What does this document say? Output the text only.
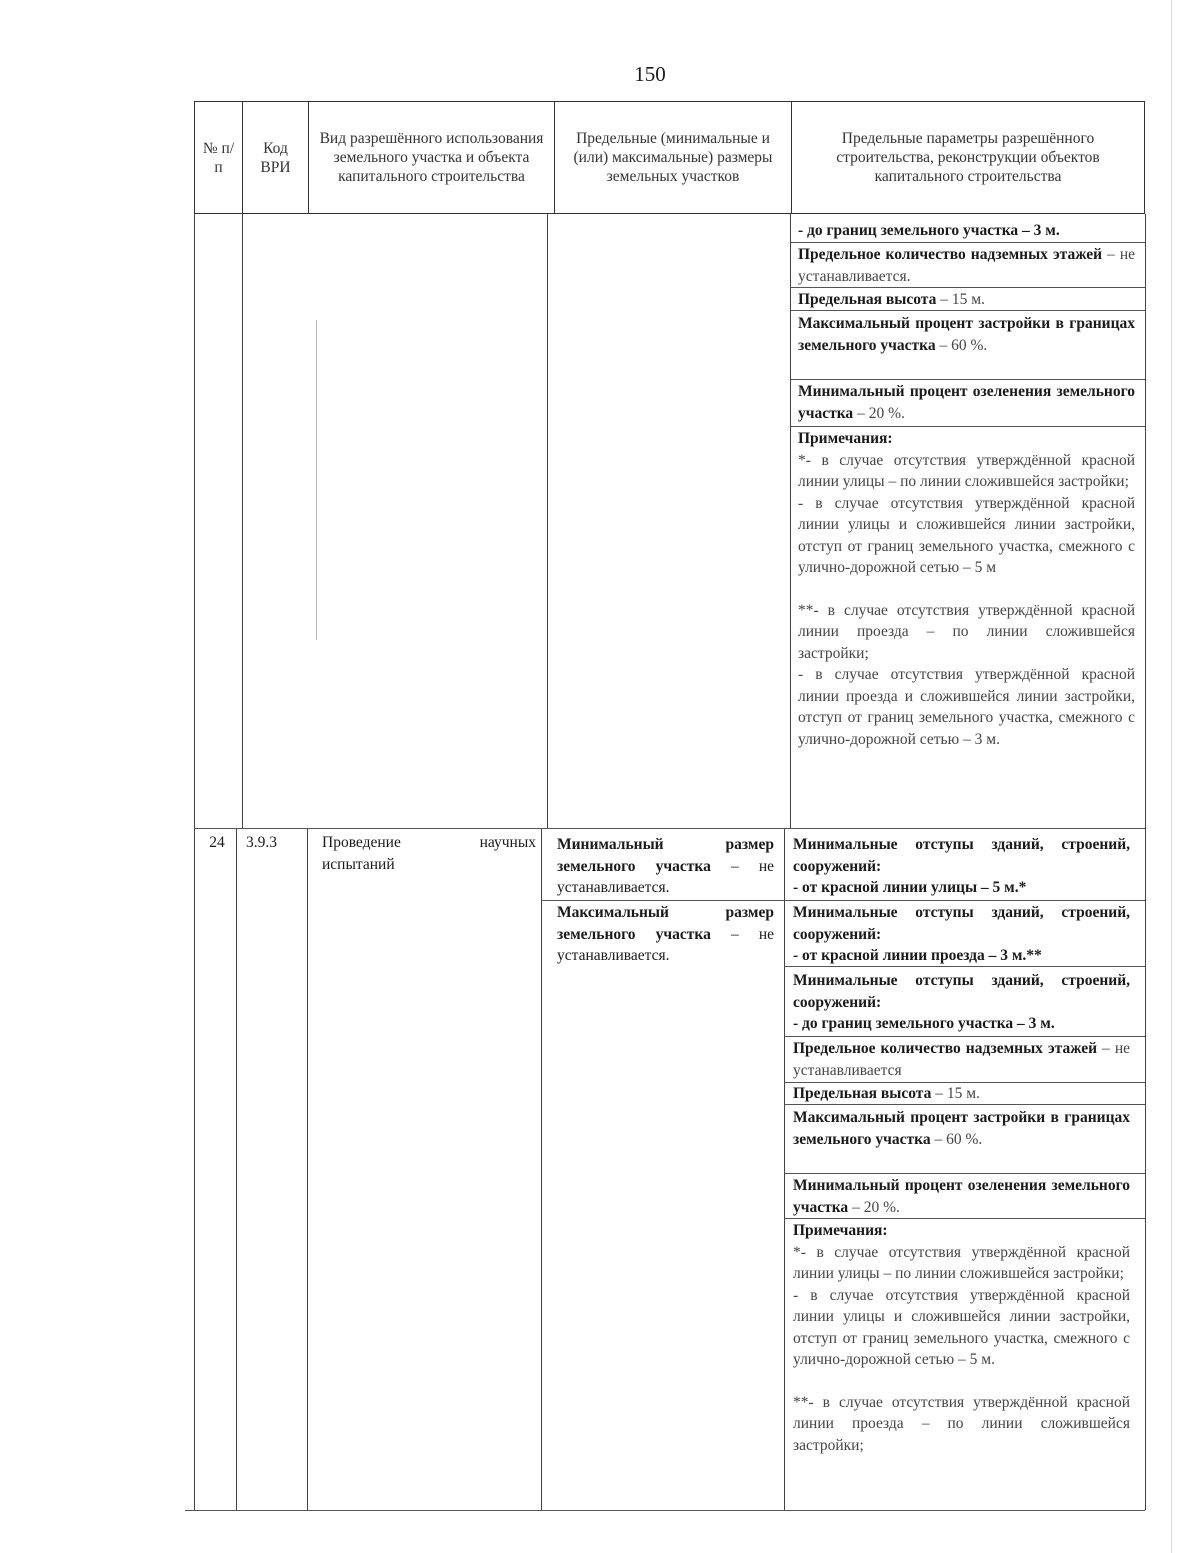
150
№ п/п
Код ВРИ
Вид разрешённого использования земельного участка и объекта капитального строительства
Предельные (минимальные и (или) максимальные) размеры земельных участков
Предельные параметры разрешённого строительства, реконструкции объектов капитального строительства
- до границ земельного участка – 3 м.
Предельное количество надземных этажей – не устанавливается.
Предельная высота – 15 м.
Максимальный процент застройки в границах земельного участка – 60 %.
Минимальный процент озеленения земельного участка – 20 %.
Примечания:
*- в случае отсутствия утверждённой красной линии улицы – по линии сложившейся застройки;
- в случае отсутствия утверждённой красной линии улицы и сложившейся линии застройки, отступ от границ земельного участка, смежного с улично-дорожной сетью – 5 м
**- в случае отсутствия утверждённой красной линии проезда – по линии сложившейся застройки;
- в случае отсутствия утверждённой красной линии проезда и сложившейся линии застройки, отступ от границ земельного участка, смежного с улично-дорожной сетью – 3 м.
24	3.9.3	Проведение научных испытаний
Минимальный размер земельного участка – не устанавливается.
Максимальный размер земельного участка – не устанавливается.
Минимальные отступы зданий, строений, сооружений:
- от красной линии улицы – 5 м.*
Минимальные отступы зданий, строений, сооружений:
- от красной линии проезда – 3 м.**
Минимальные отступы зданий, строений, сооружений:
- до границ земельного участка – 3 м.
Предельное количество надземных этажей – не устанавливается
Предельная высота – 15 м.
Максимальный процент застройки в границах земельного участка – 60 %.
Минимальный процент озеленения земельного участка – 20 %.
Примечания:
*- в случае отсутствия утверждённой красной линии улицы – по линии сложившейся застройки;
- в случае отсутствия утверждённой красной линии улицы и сложившейся линии застройки, отступ от границ земельного участка, смежного с улично-дорожной сетью – 5 м.
**- в случае отсутствия утверждённой красной линии проезда – по линии сложившейся застройки;
